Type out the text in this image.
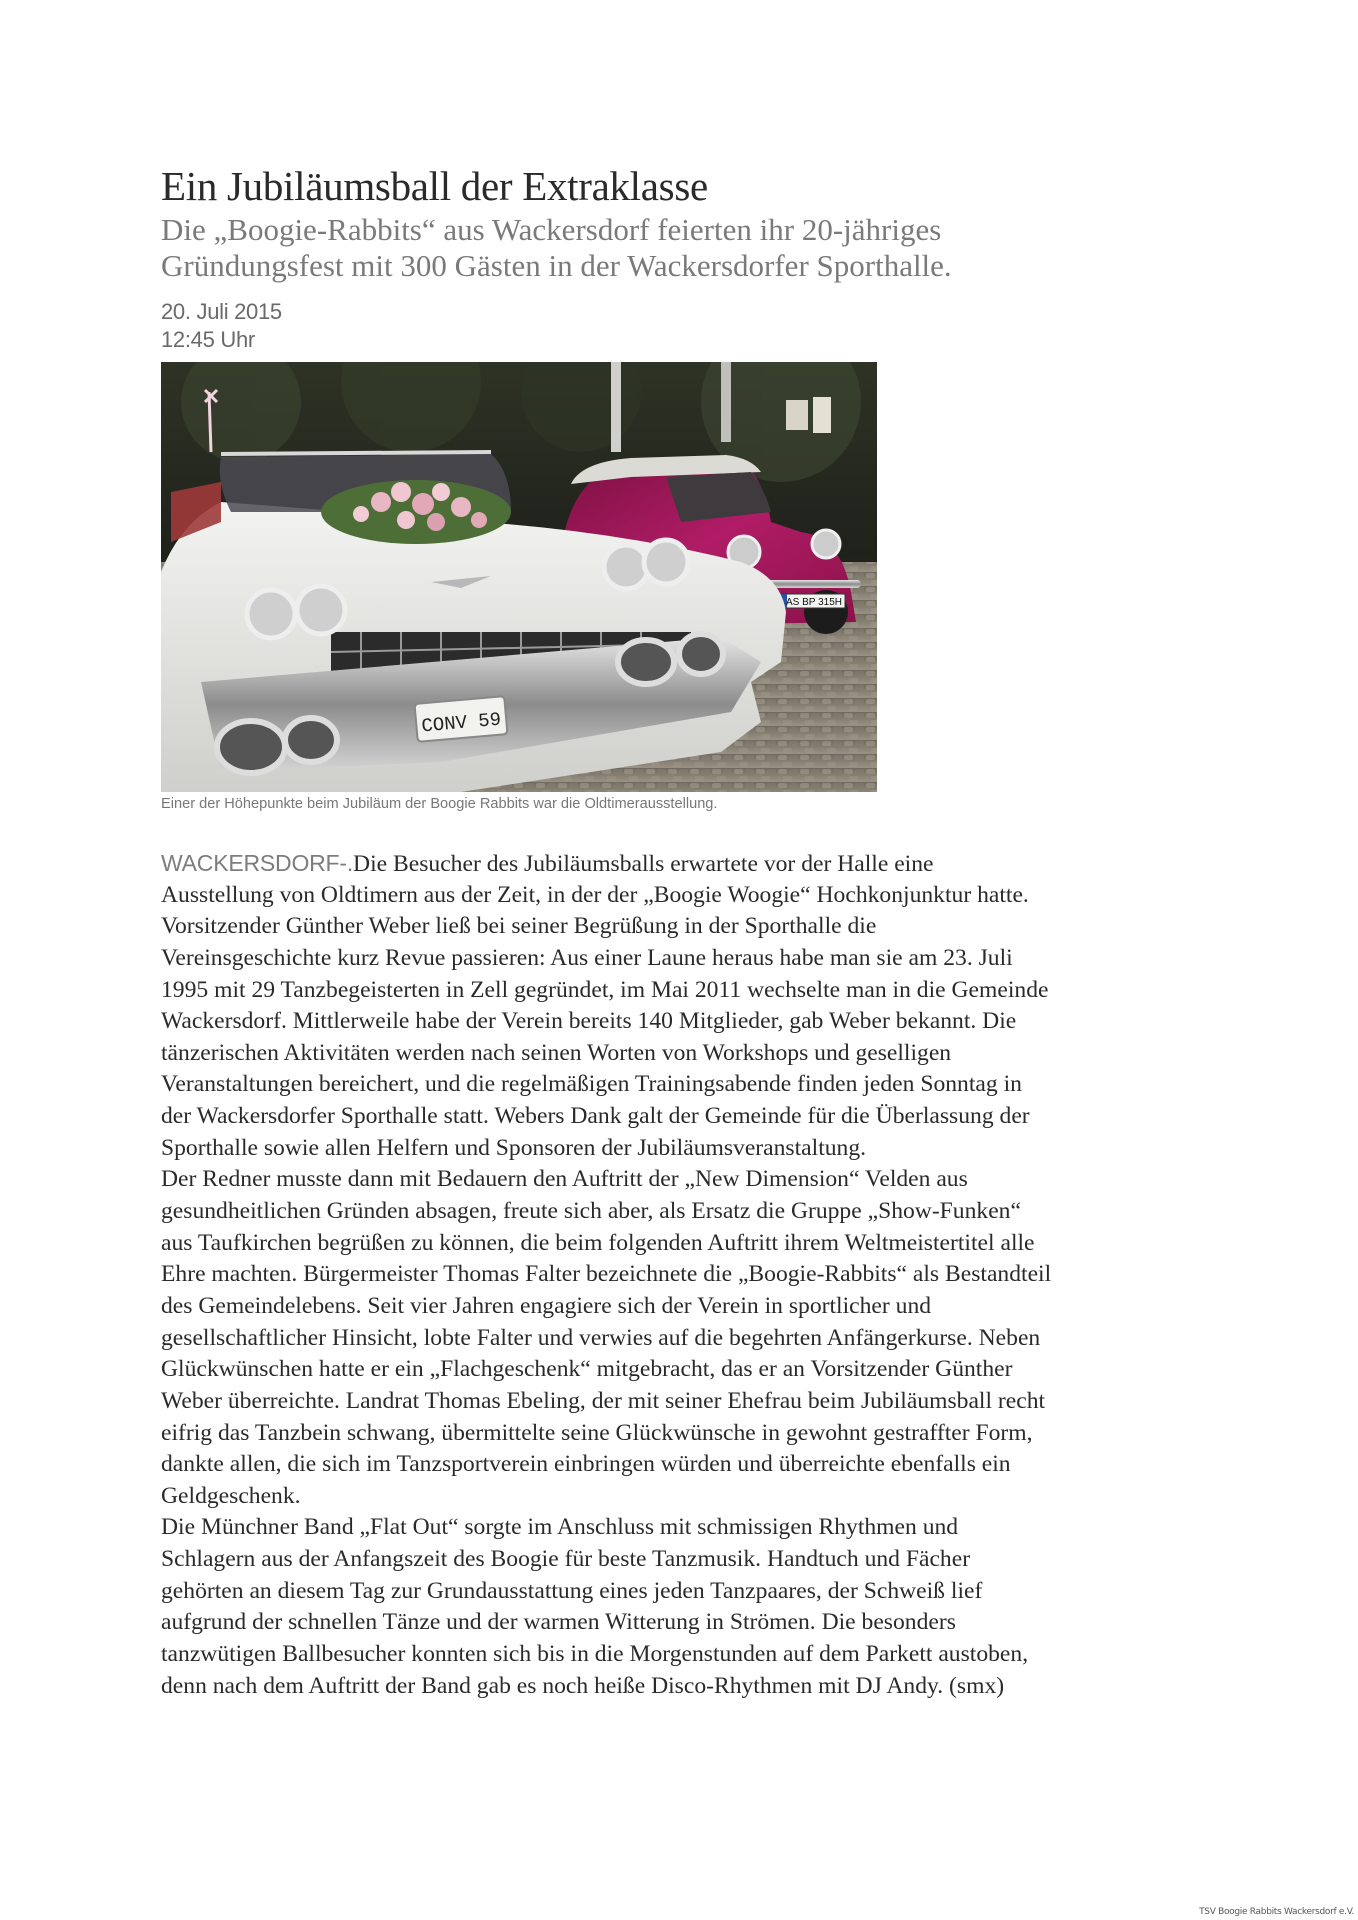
Ein Jubiläumsball der Extraklasse
Die „Boogie-Rabbits“ aus Wackersdorf feierten ihr 20-jähriges
Gründungsfest mit 300 Gästen in der Wackersdorfer Sporthalle.
20. Juli 2015
12:45 Uhr
AS BP 315H
CONV 59
Einer der Höhepunkte beim Jubiläum der Boogie Rabbits war die Oldtimerausstellung.
WACKERSDORF-.Die Besucher des Jubiläumsballs erwartete vor der Halle eine
Ausstellung von Oldtimern aus der Zeit, in der der „Boogie Woogie“ Hochkonjunktur hatte.
Vorsitzender Günther Weber ließ bei seiner Begrüßung in der Sporthalle die
Vereinsgeschichte kurz Revue passieren: Aus einer Laune heraus habe man sie am 23. Juli
1995 mit 29 Tanzbegeisterten in Zell gegründet, im Mai 2011 wechselte man in die Gemeinde
Wackersdorf. Mittlerweile habe der Verein bereits 140 Mitglieder, gab Weber bekannt. Die
tänzerischen Aktivitäten werden nach seinen Worten von Workshops und geselligen
Veranstaltungen bereichert, und die regelmäßigen Trainingsabende finden jeden Sonntag in
der Wackersdorfer Sporthalle statt. Webers Dank galt der Gemeinde für die Überlassung der
Sporthalle sowie allen Helfern und Sponsoren der Jubiläumsveranstaltung.
Der Redner musste dann mit Bedauern den Auftritt der „New Dimension“ Velden aus
gesundheitlichen Gründen absagen, freute sich aber, als Ersatz die Gruppe „Show-Funken“
aus Taufkirchen begrüßen zu können, die beim folgenden Auftritt ihrem Weltmeistertitel alle
Ehre machten. Bürgermeister Thomas Falter bezeichnete die „Boogie-Rabbits“ als Bestandteil
des Gemeindelebens. Seit vier Jahren engagiere sich der Verein in sportlicher und
gesellschaftlicher Hinsicht, lobte Falter und verwies auf die begehrten Anfängerkurse. Neben
Glückwünschen hatte er ein „Flachgeschenk“ mitgebracht, das er an Vorsitzender Günther
Weber überreichte. Landrat Thomas Ebeling, der mit seiner Ehefrau beim Jubiläumsball recht
eifrig das Tanzbein schwang, übermittelte seine Glückwünsche in gewohnt gestraffter Form,
dankte allen, die sich im Tanzsportverein einbringen würden und überreichte ebenfalls ein
Geldgeschenk.
Die Münchner Band „Flat Out“ sorgte im Anschluss mit schmissigen Rhythmen und
Schlagern aus der Anfangszeit des Boogie für beste Tanzmusik. Handtuch und Fächer
gehörten an diesem Tag zur Grundausstattung eines jeden Tanzpaares, der Schweiß lief
aufgrund der schnellen Tänze und der warmen Witterung in Strömen. Die besonders
tanzwütigen Ballbesucher konnten sich bis in die Morgenstunden auf dem Parkett austoben,
denn nach dem Auftritt der Band gab es noch heiße Disco-Rhythmen mit DJ Andy. (smx)
TSV Boogie Rabbits Wackersdorf e.V.
